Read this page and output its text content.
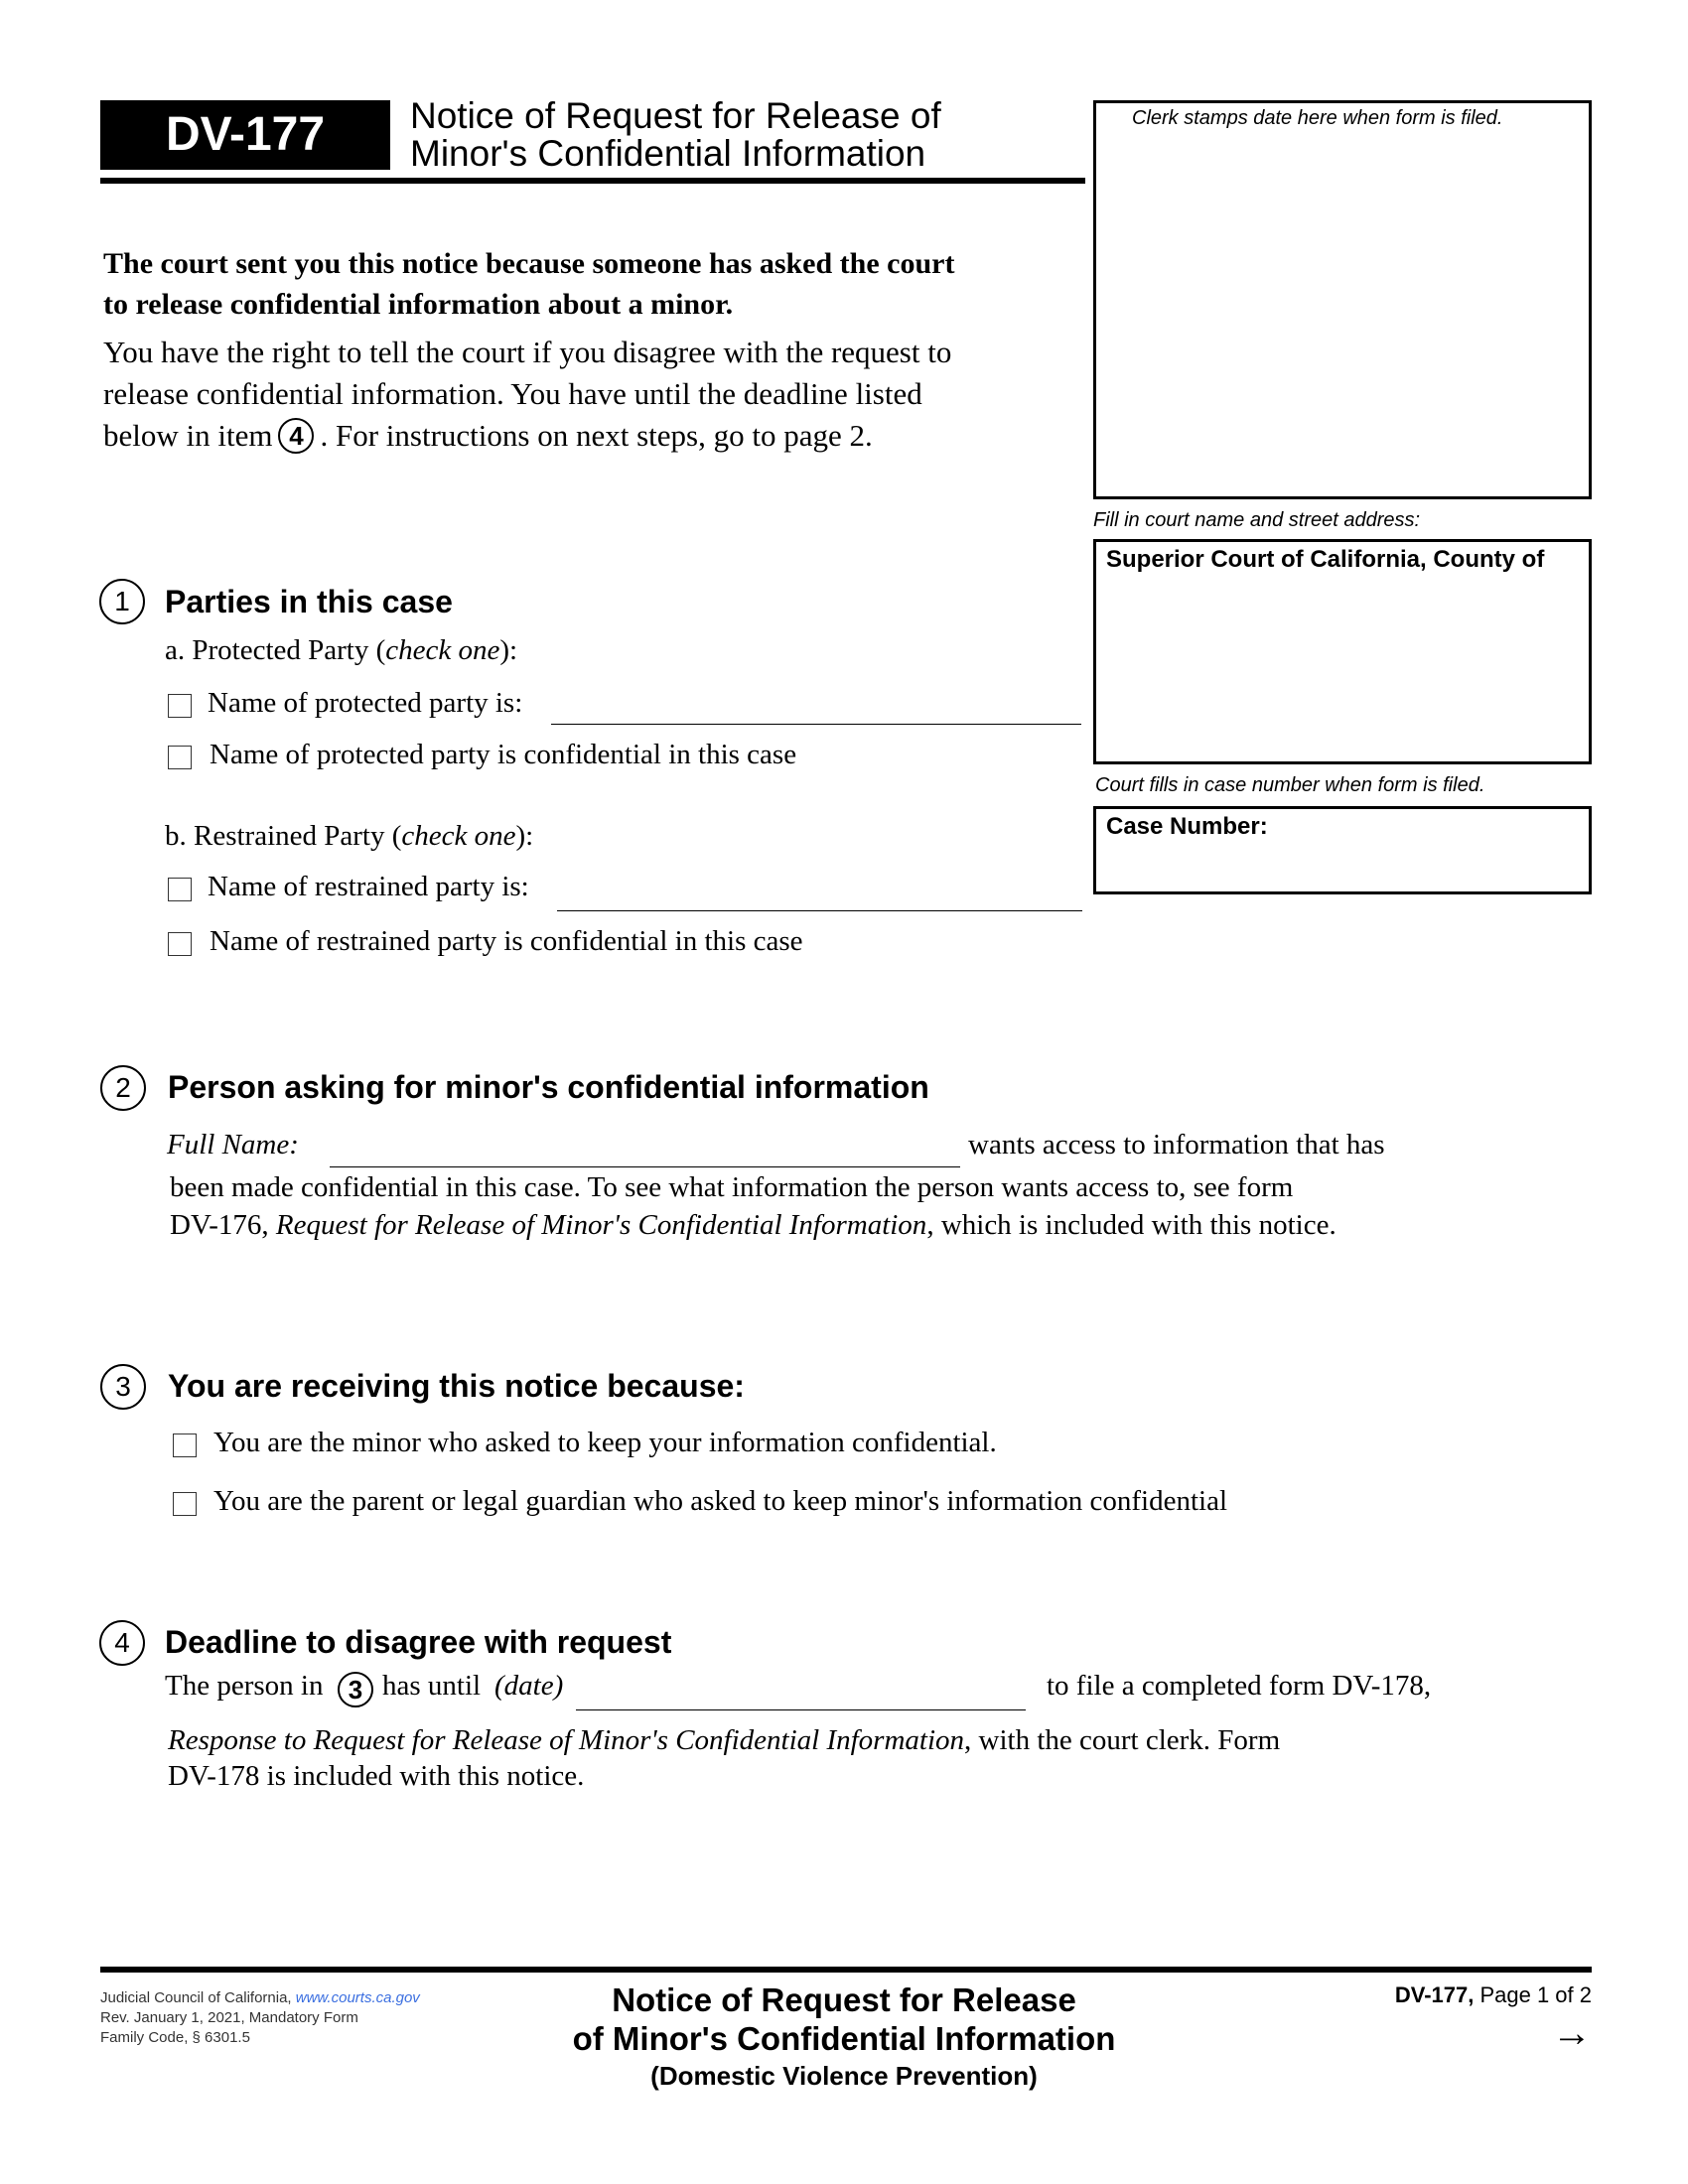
DV-177	Notice of Request for Release of
Minor's Confidential Information
Clerk stamps date here when form is filed.
Fill in court name and street address:
Superior Court of California, County of
Court fills in case number when form is filed.
Case Number:
The court sent you this notice because someone has asked the court
to release confidential information about a minor.
You have the right to tell the court if you disagree with the request to
release confidential information. You have until the deadline listed
below in item 4 . For instructions on next steps, go to page 2.
1	Parties in this case
a. Protected Party (check one):
Name of protected party is:
Name of protected party is confidential in this case
b. Restrained Party (check one):
Name of restrained party is:
Name of restrained party is confidential in this case
2	Person asking for minor's confidential information
Full Name:	wants access to information that has
been made confidential in this case. To see what information the person wants access to, see form
DV-176, Request for Release of Minor's Confidential Information, which is included with this notice.
3	You are receiving this notice because:
You are the minor who asked to keep your information confidential.
You are the parent or legal guardian who asked to keep minor's information confidential
4	Deadline to disagree with request
The person in 3 has until (date)	to file a completed form DV-178,
Response to Request for Release of Minor's Confidential Information, with the court clerk. Form
DV-178 is included with this notice.
Judicial Council of California, www.courts.ca.gov
Rev. January 1, 2021, Mandatory Form
Family Code, § 6301.5
Notice of Request for Release
of Minor's Confidential Information
(Domestic Violence Prevention)
DV-177, Page 1 of 2
→
